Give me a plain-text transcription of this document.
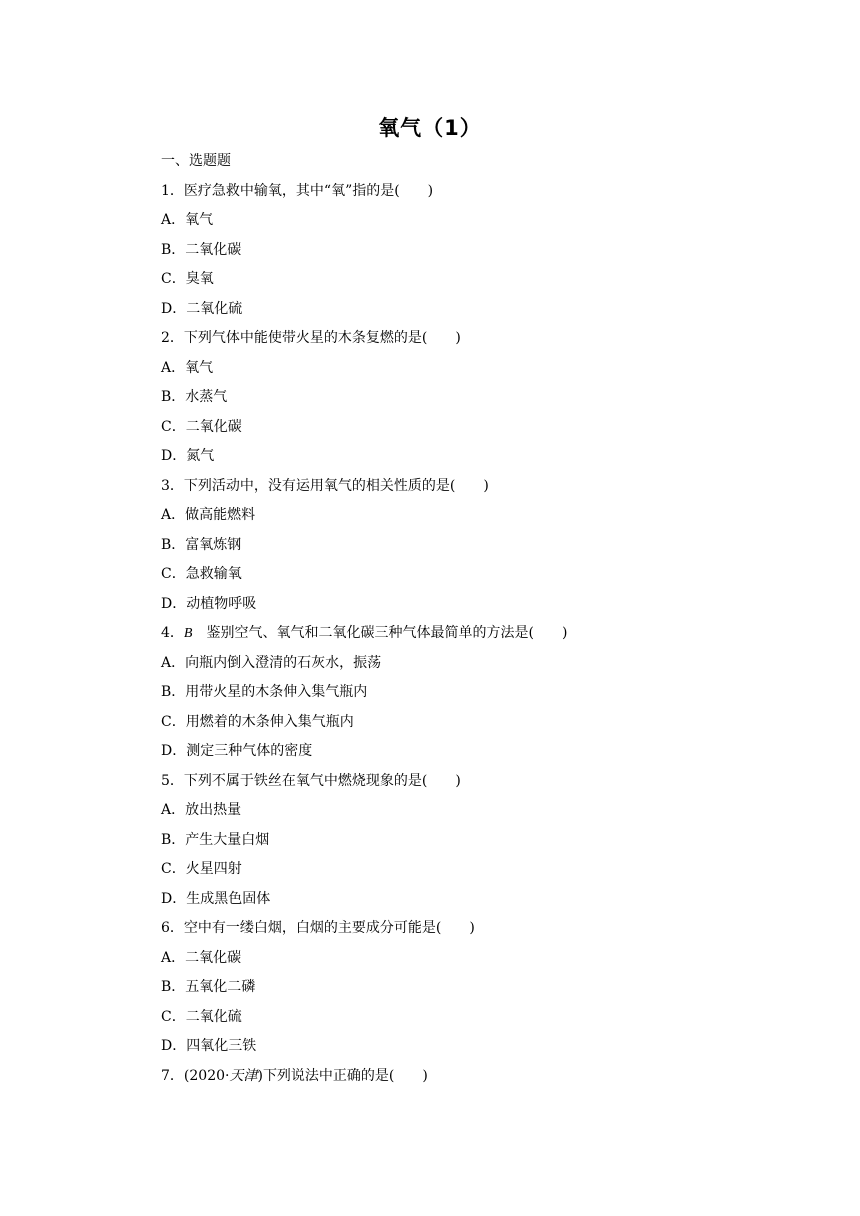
氧气（1）
一、选题题
1．医疗急救中输氧，其中“氧”指的是(　　)
A．氧气
B．二氧化碳
C．臭氧
D．二氧化硫
2．下列气体中能使带火星的木条复燃的是(　　)
A．氧气
B．水蒸气
C．二氧化碳
D．氮气
3．下列活动中，没有运用氧气的相关性质的是(　　)
A．做高能燃料
B．富氧炼钢
C．急救输氧
D．动植物呼吸
4．B 鉴别空气、氧气和二氧化碳三种气体最简单的方法是(　　)
A．向瓶内倒入澄清的石灰水，振荡
B．用带火星的木条伸入集气瓶内
C．用燃着的木条伸入集气瓶内
D．测定三种气体的密度
5．下列不属于铁丝在氧气中燃烧现象的是(　　)
A．放出热量
B．产生大量白烟
C．火星四射
D．生成黑色固体
6．空中有一缕白烟，白烟的主要成分可能是(　　)
A．二氧化碳
B．五氧化二磷
C．二氧化硫
D．四氧化三铁
7．(2020·天津)下列说法中正确的是(　　)
